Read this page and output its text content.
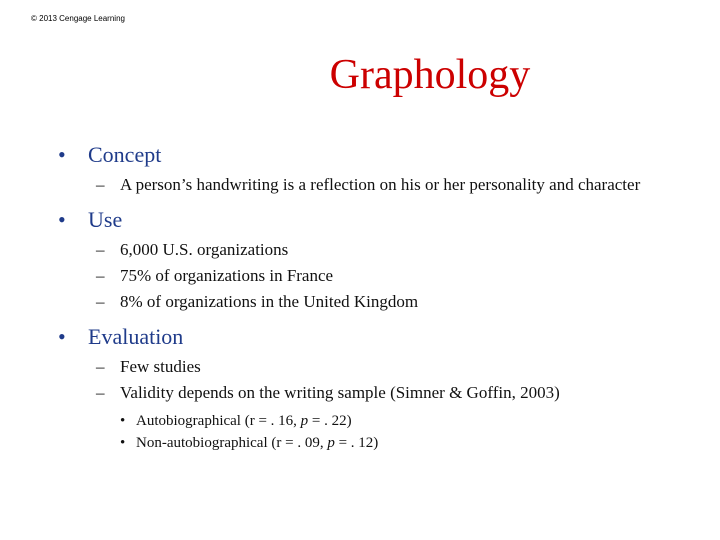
© 2013 Cengage Learning
Graphology
•	Concept
– A person’s handwriting is a reflection on his or her personality and character
•	Use
– 6,000 U.S. organizations
– 75% of organizations in France
– 8% of organizations in the United Kingdom
•	Evaluation
– Few studies
– Validity depends on the writing sample (Simner & Goffin, 2003)
• Autobiographical (r = . 16, p = . 22)
• Non-autobiographical (r = . 09, p = . 12)
